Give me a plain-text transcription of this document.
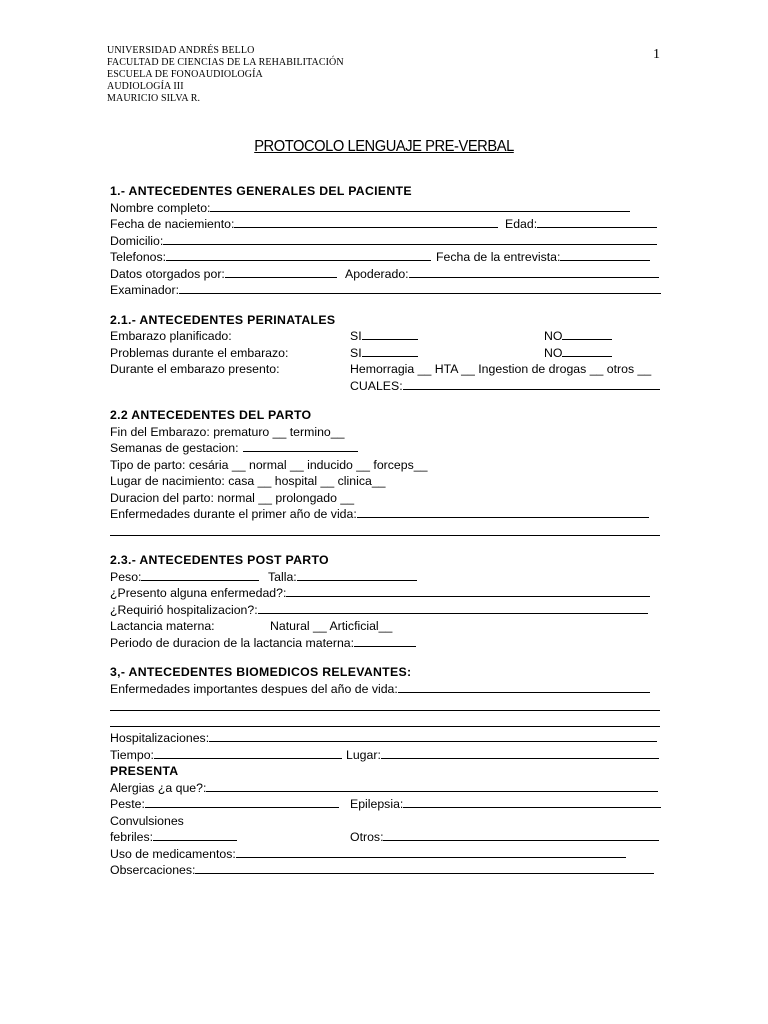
UNIVERSIDAD ANDRÉS BELLO
FACULTAD DE CIENCIAS DE LA REHABILITACIÓN
ESCUELA DE FONOAUDIOLOGÍA
AUDIOLOGÍA III
MAURICIO SILVA R.
1
PROTOCOLO LENGUAJE PRE-VERBAL
1.- ANTECEDENTES GENERALES DEL PACIENTE
Nombre completo:
Fecha de naciemiento:	Edad:
Domicilio:
Telefonos:	Fecha de la entrevista:
Datos otorgados por:	Apoderado:
Examinador:
2.1.- ANTECEDENTES PERINATALES
Embarazo planificado:	SI	NO
Problemas durante el embarazo:	SI	NO
Durante el embarazo presento:	Hemorragia __ HTA __ Ingestion de drogas __ otros __
CUALES:
2.2 ANTECEDENTES DEL PARTO
Fin del Embarazo: prematuro __ termino__
Semanas de gestacion:
Tipo de parto: cesária __ normal __ inducido __ forceps__
Lugar de nacimiento: casa __ hospital __ clinica__
Duracion del parto: normal __ prolongado __
Enfermedades durante el primer año de vida:
2.3.- ANTECEDENTES POST PARTO
Peso:	Talla:
¿Presento alguna enfermedad?:
¿Requirió hospitalizacion?:
Lactancia materna:	Natural __ Articficial__
Periodo de duracion de la lactancia materna:
3,- ANTECEDENTES BIOMEDICOS RELEVANTES:
Enfermedades importantes despues del año de vida:
Hospitalizaciones:
Tiempo:	Lugar:
PRESENTA
Alergias ¿a que?:
Peste:	Epilepsia:
Convulsiones
febriles:	Otros:
Uso de medicamentos:
Obsercaciones:
